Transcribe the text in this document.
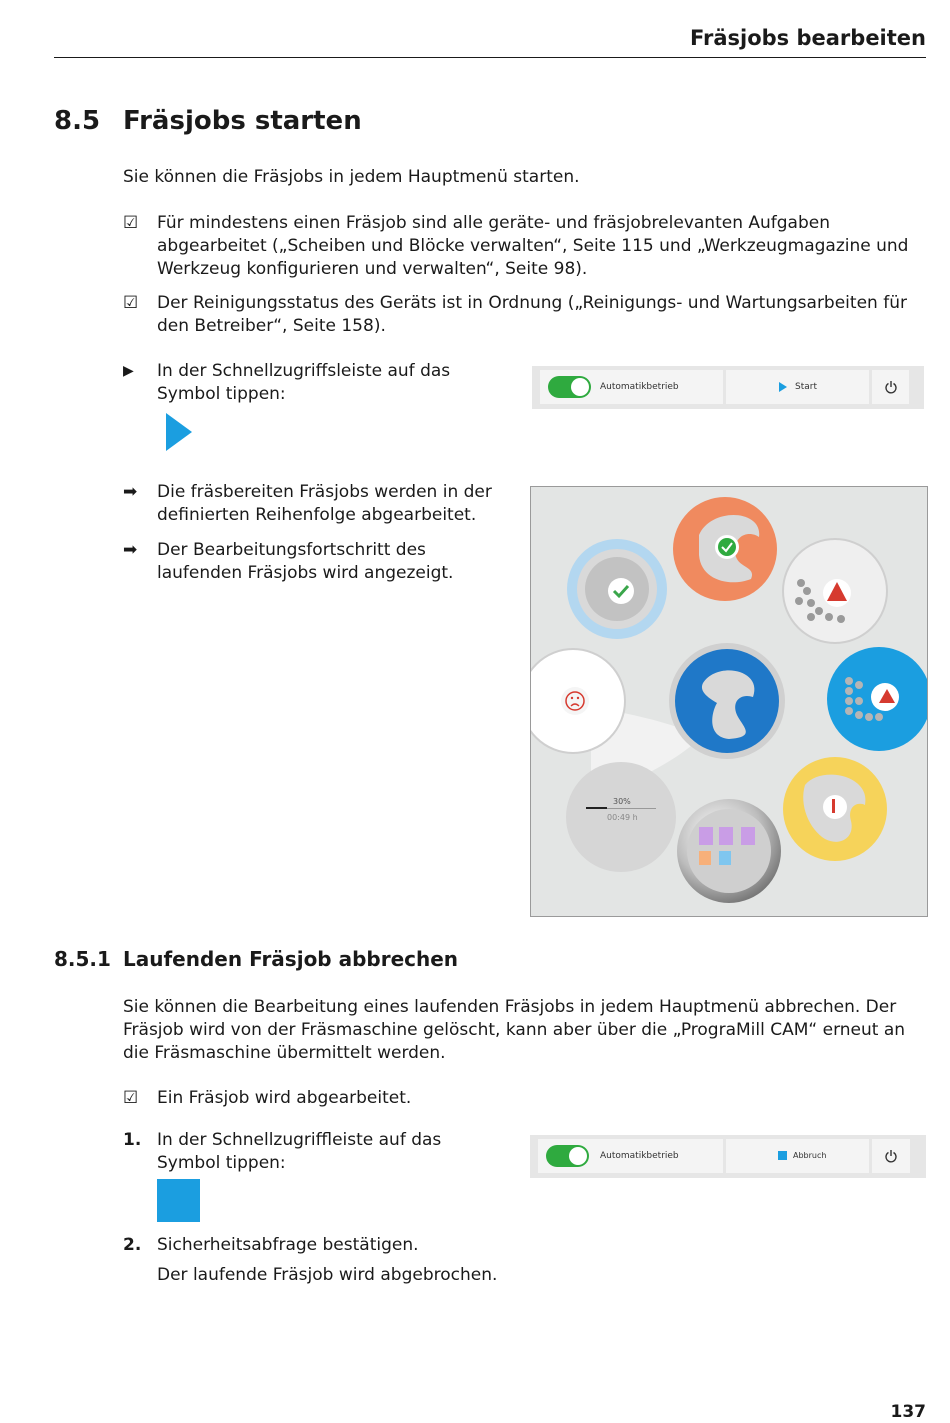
Fräsjobs bearbeiten
8.5 Fräsjobs starten
Sie können die Fräsjobs in jedem Hauptmenü starten.
☑ Für mindestens einen Fräsjob sind alle geräte- und fräsjobrelevanten Aufgaben
abgearbeitet („Scheiben und Blöcke verwalten“, Seite 115 und „Werkzeugmagazine und
Werkzeug konfigurieren und verwalten“, Seite 98).
☑ Der Reinigungsstatus des Geräts ist in Ordnung („Reinigungs- und Wartungsarbeiten für
den Betreiber“, Seite 158).
▶ In der Schnellzugriffsleiste auf das
Symbol tippen:	Automatikbetrieb	Start
➡ Die fräsbereiten Fräsjobs werden in der
definierten Reihenfolge abgearbeitet.
➡ Der Bearbeitungsfortschritt des
laufenden Fräsjobs wird angezeigt.
30%
00:49 h
8.5.1 Laufenden Fräsjob abbrechen
Sie können die Bearbeitung eines laufenden Fräsjobs in jedem Hauptmenü abbrechen. Der
Fräsjob wird von der Fräsmaschine gelöscht, kann aber über die „PrograMill CAM“ erneut an
die Fräsmaschine übermittelt werden.
☑ Ein Fräsjob wird abgearbeitet.
1. In der Schnellzugriffleiste auf das
Symbol tippen:
2. Sicherheitsabfrage bestätigen.
Der laufende Fräsjob wird abgebrochen.
Automatikbetrieb	Abbruch
137
